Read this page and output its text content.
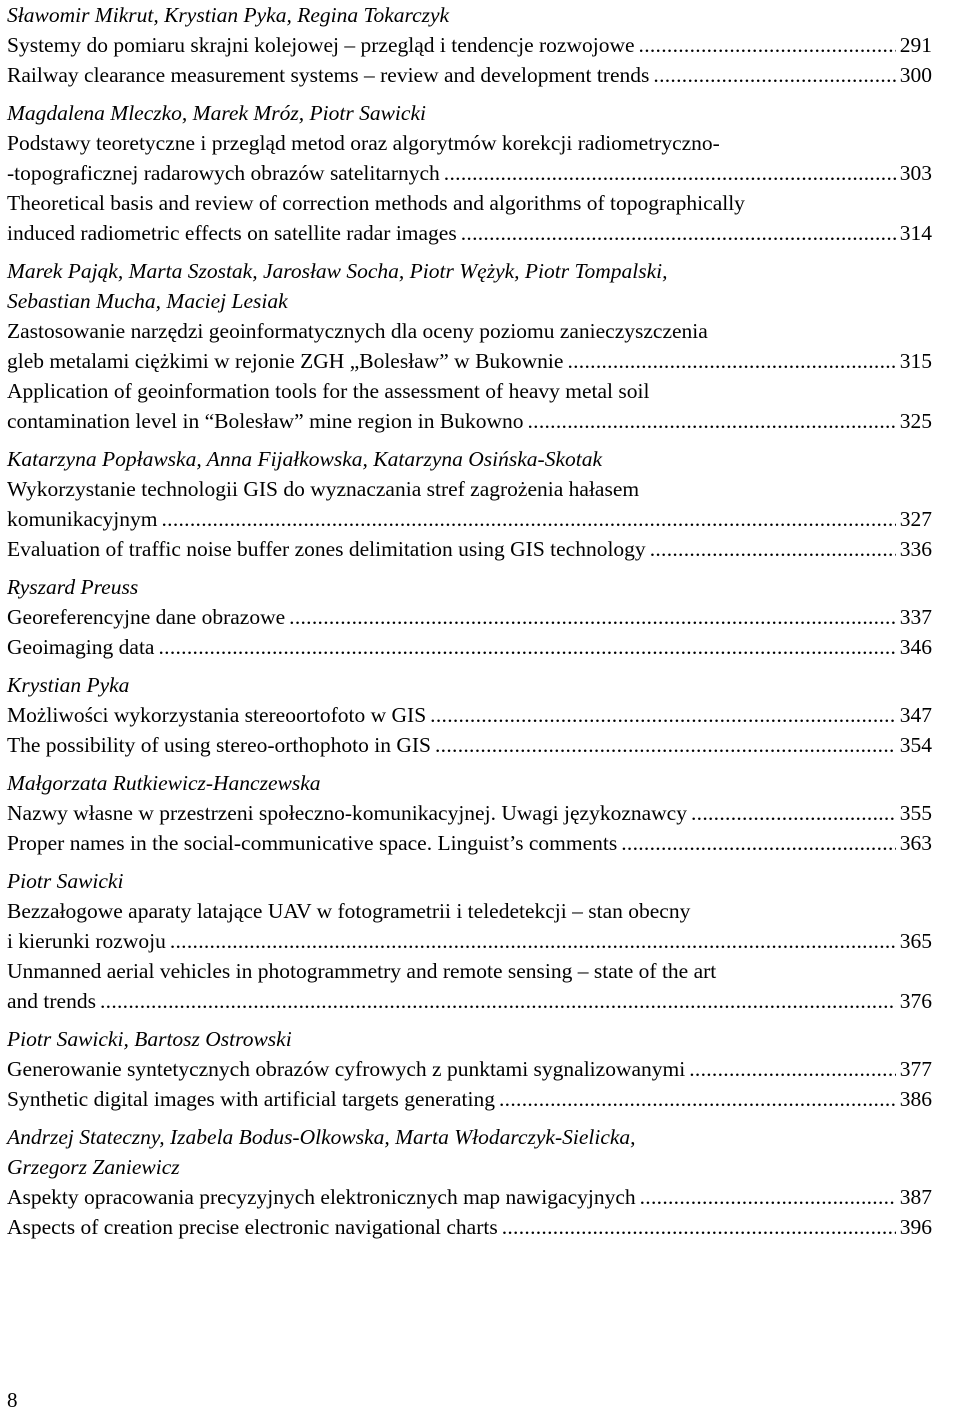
Sławomir Mikrut, Krystian Pyka, Regina Tokarczyk
Systemy do pomiaru skrajni kolejowej – przegląd i tendencje rozwojowe .....	291
Railway clearance measurement systems – review and development trends .....	300
Magdalena Mleczko, Marek Mróz, Piotr Sawicki
Podstawy teoretyczne i przegląd metod oraz algorytmów korekcji radiometryczno-
-topograficznej radarowych obrazów satelitarnych .....	303
Theoretical basis and review of correction methods and algorithms of topographically
induced radiometric effects on satellite radar images .....	314
Marek Pająk, Marta Szostak, Jarosław Socha, Piotr Wężyk, Piotr Tompalski,
Sebastian Mucha, Maciej Lesiak
Zastosowanie narzędzi geoinformatycznych dla oceny poziomu zanieczyszczenia
gleb metalami ciężkimi w rejonie ZGH „Bolesław” w Bukownie .....	315
Application of geoinformation tools for the assessment of heavy metal soil
contamination level in “Bolesław” mine region in Bukowno .....	325
Katarzyna Popławska, Anna Fijałkowska, Katarzyna Osińska-Skotak
Wykorzystanie technologii GIS do wyznaczania stref zagrożenia hałasem
komunikacyjnym .....	327
Evaluation of traffic noise buffer zones delimitation using GIS technology .....	336
Ryszard Preuss
Georeferencyjne dane obrazowe .....	337
Geoimaging data .....	346
Krystian Pyka
Możliwości wykorzystania stereoortofoto w GIS .....	347
The possibility of using stereo-orthophoto in GIS .....	354
Małgorzata Rutkiewicz-Hanczewska
Nazwy własne w przestrzeni społeczno-komunikacyjnej. Uwagi językoznawcy .....	355
Proper names in the social-communicative space. Linguist’s comments .....	363
Piotr Sawicki
Bezzałogowe aparaty latające UAV w fotogrametrii i teledetekcji – stan obecny
i kierunki rozwoju .....	365
Unmanned aerial vehicles in photogrammetry and remote sensing – state of the art
and trends .....	376
Piotr Sawicki, Bartosz Ostrowski
Generowanie syntetycznych obrazów cyfrowych z punktami sygnalizowanymi .....	377
Synthetic digital images with artificial targets generating .....	386
Andrzej Stateczny, Izabela Bodus-Olkowska, Marta Włodarczyk-Sielicka,
Grzegorz Zaniewicz
Aspekty opracowania precyzyjnych elektronicznych map nawigacyjnych .....	387
Aspects of creation precise electronic navigational charts .....	396
8
